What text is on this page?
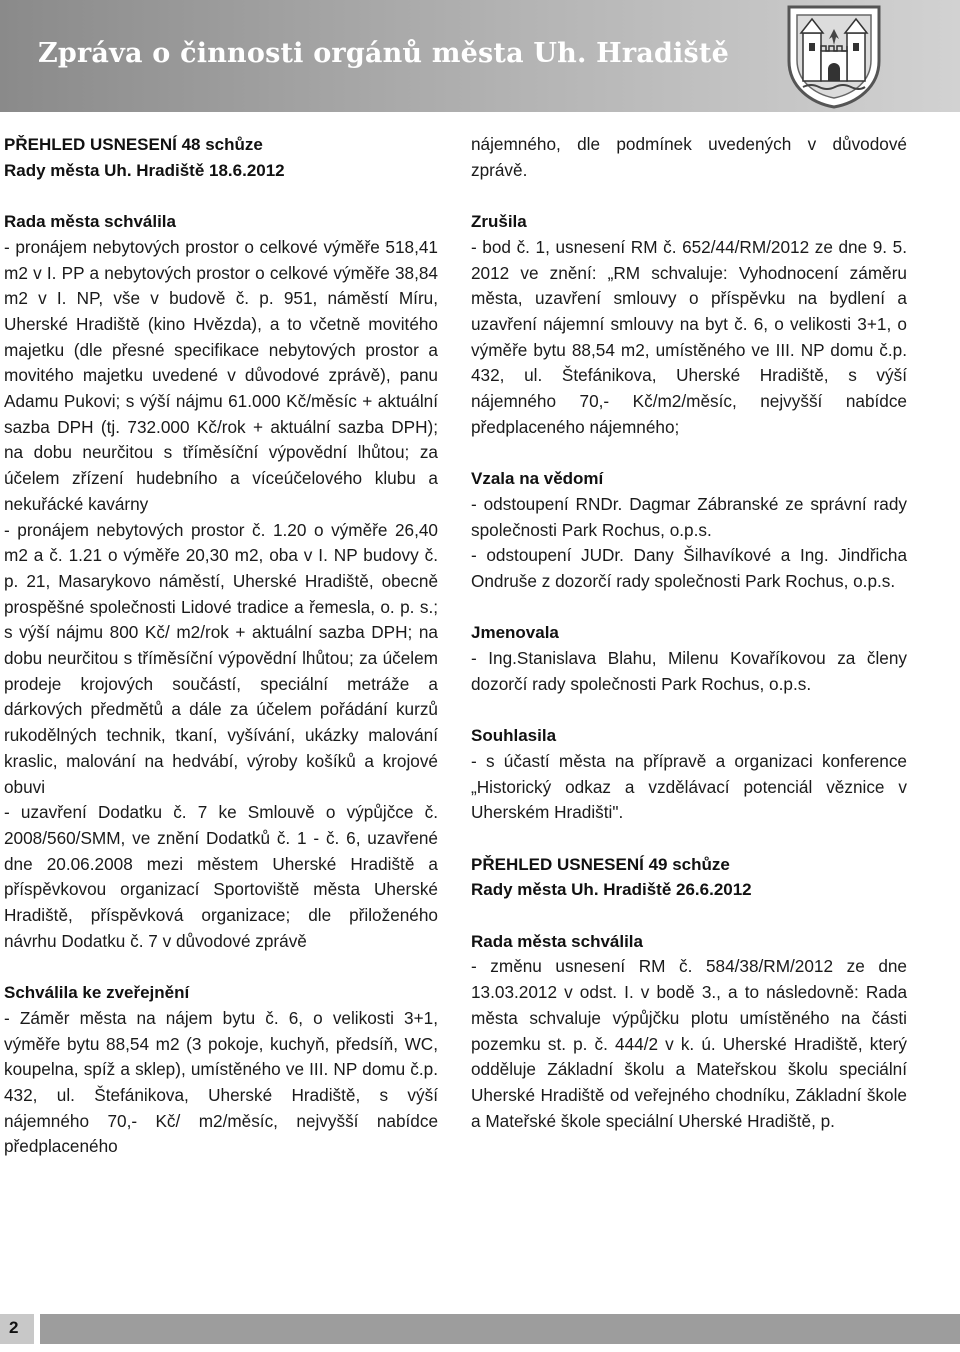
Zpráva o činnosti orgánů města Uh. Hradiště
PŘEHLED USNESENÍ 48 schůze
Rady města Uh. Hradiště 18.6.2012
Rada města schválila

- pronájem nebytových prostor o celkové výměře 518,41 m2 v I. PP a nebytových prostor o celkové výměře 38,84 m2 v I. NP, vše v budově č. p. 951, náměstí Míru, Uherské Hradiště (kino Hvězda), a to včetně movitého majetku (dle přesné specifikace nebytových prostor a movitého majetku uvedené v důvodové zprávě), panu Adamu Pukovi; s výší nájmu 61.000 Kč/měsíc + aktuální sazba DPH (tj. 732.000 Kč/rok + aktuální sazba DPH); na dobu neurčitou s tříměsíční výpovědní lhůtou; za účelem zřízení hudebního a víceúčelového klubu a nekuřácké kavárny

- pronájem nebytových prostor č. 1.20 o výměře 26,40 m2 a č. 1.21 o výměře 20,30 m2, oba v I. NP budovy č. p. 21, Masarykovo náměstí, Uherské Hradiště, obecně prospěšné společnosti Lidové tradice a řemesla, o. p. s.; s výší nájmu 800 Kč/ m2/rok + aktuální sazba DPH; na dobu neurčitou s tříměsíční výpovědní lhůtou; za účelem prodeje krojových součástí, speciální metráže a dárkových předmětů a dále za účelem pořádání kurzů rukodělných technik, tkaní, vyšívání, ukázky malování kraslic, malování na hedvábí, výroby košíků a krojové obuvi

- uzavření Dodatku č. 7 ke Smlouvě o výpůjčce č. 2008/560/SMM, ve znění Dodatků č. 1 - č. 6, uzavřené dne 20.06.2008 mezi městem Uherské Hradiště a příspěvkovou organizací Sportoviště města Uherské Hradiště, příspěvková organizace; dle přiloženého návrhu Dodatku č. 7 v důvodové zprávě

Schválila ke zveřejnění

- Záměr města na nájem bytu č. 6, o velikosti 3+1, výměře bytu 88,54 m2 (3 pokoje, kuchyň, předsíň, WC, koupelna, spíž a sklep), umístěného ve III. NP domu č.p. 432, ul. Štefánikova, Uherské Hradiště, s výší nájemného 70,- Kč/ m2/měsíc, nejvyšší nabídce předplaceného

nájemného, dle podmínek uvedených v důvodové zprávě.

Zrušila

- bod č. 1, usnesení RM č. 652/44/RM/2012 ze dne 9. 5. 2012 ve znění: „RM schvaluje: Vyhodnocení záměru města, uzavření smlouvy o příspěvku na bydlení a uzavření nájemní smlouvy na byt č. 6, o velikosti 3+1, o výměře bytu 88,54 m2, umístěného ve III. NP domu č.p. 432, ul. Štefánikova, Uherské Hradiště, s výší nájemného 70,- Kč/m2/měsíc, nejvyšší nabídce předplaceného nájemného;

Vzala na vědomí

- odstoupení RNDr. Dagmar Zábranské ze správní rady společnosti Park Rochus, o.p.s.

- odstoupení JUDr. Dany Šilhavíkové a Ing. Jindřicha Ondruše z dozorčí rady společnosti Park Rochus, o.p.s.

Jmenovala

- Ing.Stanislava Blahu, Milenu Kovaříkovou za členy dozorčí rady společnosti Park Rochus, o.p.s.

Souhlasila

- s účastí města na přípravě a organizaci konference „Historický odkaz a vzdělávací potenciál věznice v Uherském Hradišti".

PŘEHLED USNESENÍ 49 schůze
Rady města Uh. Hradiště 26.6.2012
Rada města schválila

- změnu usnesení RM č. 584/38/RM/2012 ze dne 13.03.2012 v odst. I. v bodě 3., a to následovně: Rada města schvaluje výpůjčku plotu umístěného na části pozemku st. p. č. 444/2 v k. ú. Uherské Hradiště, který odděluje Základní školu a Mateřskou školu speciální Uherské Hradiště od veřejného chodníku, Základní škole a Mateřské škole speciální Uherské Hradiště, p.

2
